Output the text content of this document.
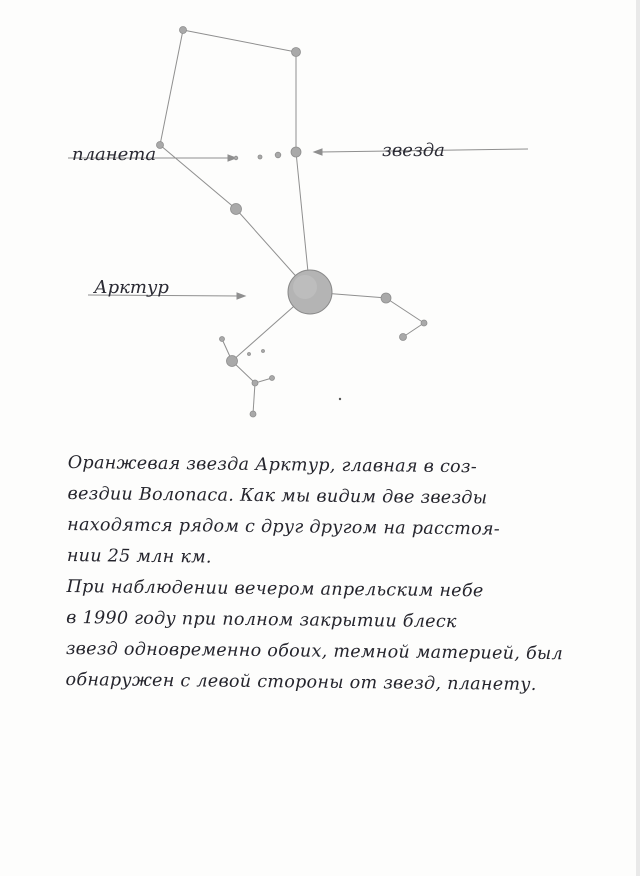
планета	звезда
Арктур
Оранжевая звезда Арктур, главная в соз-
вездии Волопаса. Как мы видим две звезды
находятся рядом с друг другом на расстоя-
нии 25 млн км.
При наблюдении вечером апрельским небе
в 1990 году при полном закрытии блеск
звезд одновременно обоих, темной материей, был
обнаружен с левой стороны от звезд, планету.
